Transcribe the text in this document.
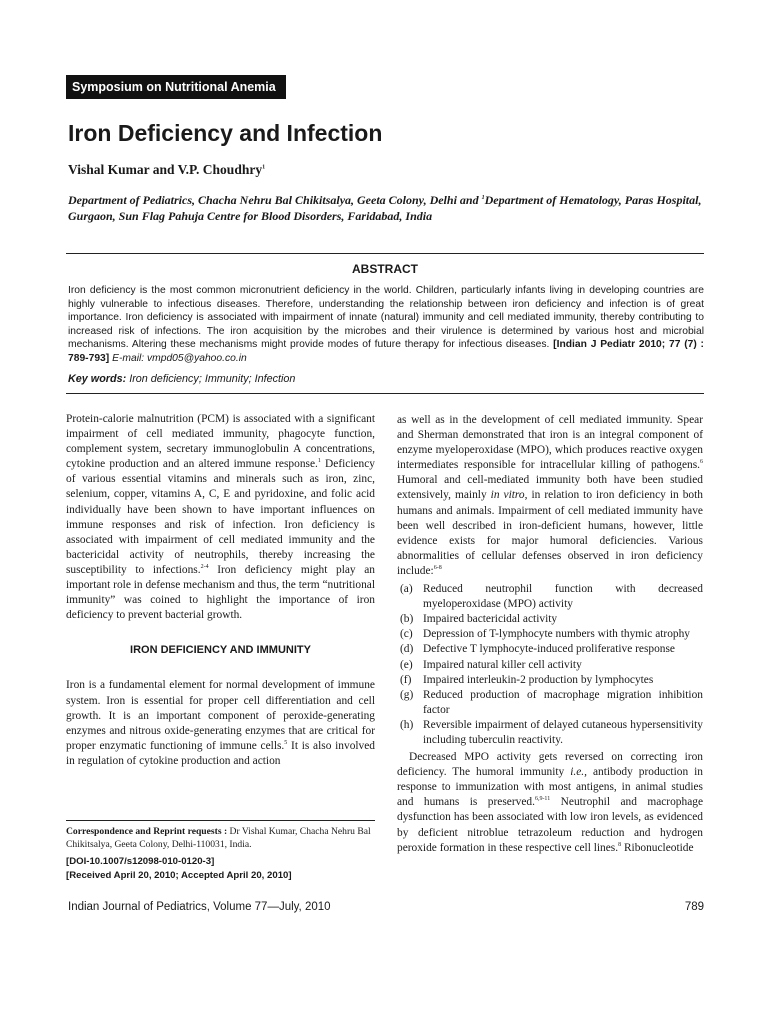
Symposium on Nutritional Anemia
Iron Deficiency and Infection
Vishal Kumar and V.P. Choudhry$^1$
Department of Pediatrics, Chacha Nehru Bal Chikitsalya, Geeta Colony, Delhi and $^1$Department of Hematology, Paras Hospital, Gurgaon, Sun Flag Pahuja Centre for Blood Disorders, Faridabad, India
ABSTRACT
Iron deficiency is the most common micronutrient deficiency in the world. Children, particularly infants living in developing countries are highly vulnerable to infectious diseases. Therefore, understanding the relationship between iron deficiency and infection is of great importance. Iron deficiency is associated with impairment of innate (natural) immunity and cell mediated immunity, thereby contributing to increased risk of infections. The iron acquisition by the microbes and their virulence is determined by various host and microbial mechanisms. Altering these mechanisms might provide modes of future therapy for infectious diseases. [Indian J Pediatr 2010; 77 (7) : 789-793] E-mail: vmpd05@yahoo.co.in
Key words: Iron deficiency; Immunity; Infection

Protein-calorie malnutrition (PCM) is associated with a significant impairment of cell mediated immunity, phagocyte function, complement system, secretary immunoglobulin A concentrations, cytokine production and an altered immune response.$^1$ Deficiency of various essential vitamins and minerals such as iron, zinc, selenium, copper, vitamins A, C, E and pyridoxine, and folic acid individually have been shown to have important influences on immune responses and risk of infection. Iron deficiency is associated with impairment of cell mediated immunity and the bactericidal activity of neutrophils, thereby increasing the susceptibility to infections.$^{2-4}$ Iron deficiency might play an important role in defense mechanism and thus, the term “nutritional immunity” was coined to highlight the importance of iron deficiency to prevent bacterial growth.

IRON DEFICIENCY AND IMMUNITY

Iron is a fundamental element for normal development of immune system. Iron is essential for proper cell differentiation and cell growth. It is an important component of peroxide-generating enzymes and nitrous oxide-generating enzymes that are critical for proper enzymatic functioning of immune cells.$^5$ It is also involved in regulation of cytokine production and action

Correspondence and Reprint requests : Dr Vishal Kumar, Chacha Nehru Bal Chikitsalya, Geeta Colony, Delhi-110031, India.

[DOI-10.1007/s12098-010-0120-3]

[Received April 20, 2010; Accepted April 20, 2010]

as well as in the development of cell mediated immunity. Spear and Sherman demonstrated that iron is an integral component of enzyme myeloperoxidase (MPO), which produces reactive oxygen intermediates responsible for intracellular killing of pathogens.$^6$ Humoral and cell-mediated immunity both have been studied extensively, mainly in vitro, in relation to iron deficiency in both humans and animals. Impairment of cell mediated immunity have been well described in iron-deficient humans, however, little evidence exists for major humoral deficiencies. Various abnormalities of cellular defenses observed in iron deficiency include:$^{6-8}$

(a) Reduced neutrophil function with decreased myeloperoxidase (MPO) activity
(b) Impaired bactericidal activity
(c) Depression of T-lymphocyte numbers with thymic atrophy
(d) Defective T lymphocyte-induced proliferative response
(e) Impaired natural killer cell activity
(f) Impaired interleukin-2 production by lymphocytes
(g) Reduced production of macrophage migration inhibition factor
(h) Reversible impairment of delayed cutaneous hypersensitivity including tuberculin reactivity.

Decreased MPO activity gets reversed on correcting iron deficiency. The humoral immunity i.e., antibody production in response to immunization with most antigens, in animal studies and humans is preserved.$^{6,9-11}$ Neutrophil and macrophage dysfunction has been associated with low iron levels, as evidenced by deficient nitroblue tetrazoleum reduction and hydrogen peroxide formation in these respective cell lines.$^8$ Ribonucleotide

Indian Journal of Pediatrics, Volume 77—July, 2010	789
